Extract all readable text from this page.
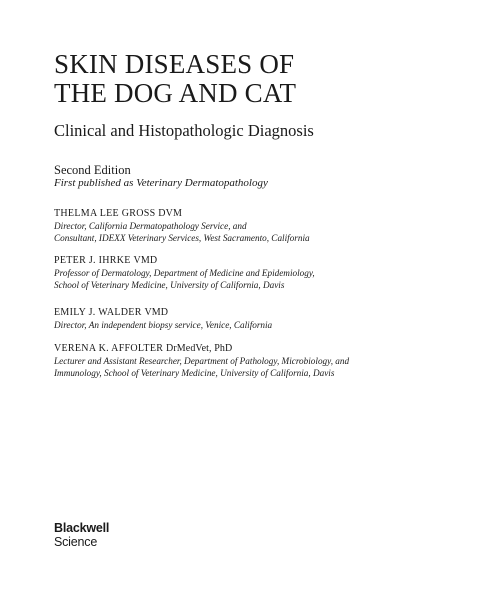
SKIN DISEASES OF
THE DOG AND CAT
Clinical and Histopathologic Diagnosis
Second Edition
First published as Veterinary Dermatopathology
THELMA LEE GROSS DVM
Director, California Dermatopathology Service, and
Consultant, IDEXX Veterinary Services, West Sacramento, California
PETER J. IHRKE VMD
Professor of Dermatology, Department of Medicine and Epidemiology,
School of Veterinary Medicine, University of California, Davis
EMILY J. WALDER VMD
Director, An independent biopsy service, Venice, California
VERENA K. AFFOLTER DrMedVet, PhD
Lecturer and Assistant Researcher, Department of Pathology, Microbiology, and
Immunology, School of Veterinary Medicine, University of California, Davis
Blackwell
Science
